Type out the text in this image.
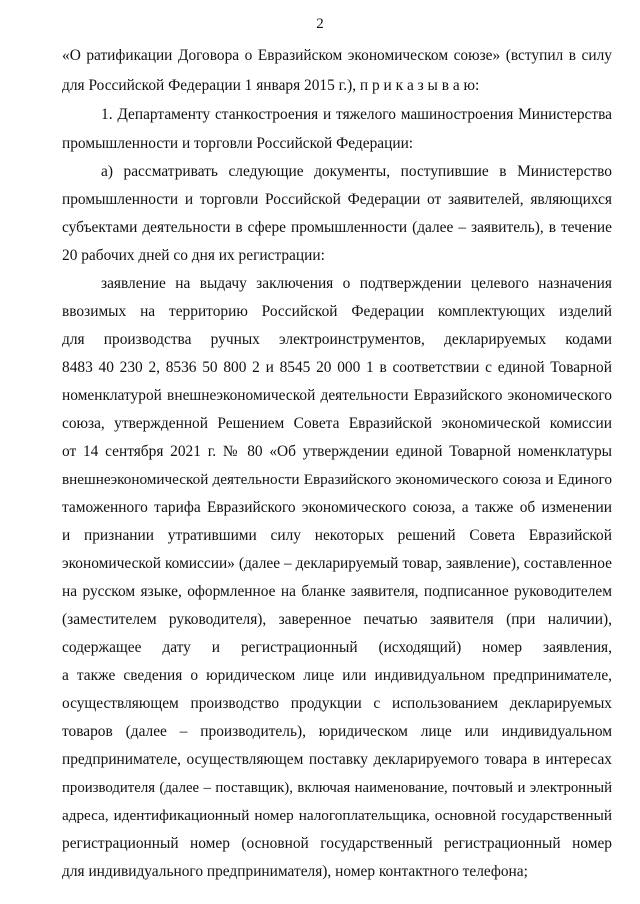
2
«О ратификации Договора о Евразийском экономическом союзе» (вступил в силу
для Российской Федерации 1 января 2015 г.), п р и к а з ы в а ю:
1. Департаменту станкостроения и тяжелого машиностроения Министерства
промышленности и торговли Российской Федерации:
а) рассматривать следующие документы, поступившие в Министерство
промышленности и торговли Российской Федерации от заявителей, являющихся
субъектами деятельности в сфере промышленности (далее – заявитель), в течение
20 рабочих дней со дня их регистрации:
заявление на выдачу заключения о подтверждении целевого назначения
ввозимых на территорию Российской Федерации комплектующих изделий
для производства ручных электроинструментов, декларируемых кодами
8483 40 230 2, 8536 50 800 2 и 8545 20 000 1 в соответствии с единой Товарной
номенклатурой внешнеэкономической деятельности Евразийского экономического
союза, утвержденной Решением Совета Евразийской экономической комиссии
от 14 сентября 2021 г. № 80 «Об утверждении единой Товарной номенклатуры
внешнеэкономической деятельности Евразийского экономического союза и Единого
таможенного тарифа Евразийского экономического союза, а также об изменении
и признании утратившими силу некоторых решений Совета Евразийской
экономической комиссии» (далее – декларируемый товар, заявление), составленное
на русском языке, оформленное на бланке заявителя, подписанное руководителем
(заместителем руководителя), заверенное печатью заявителя (при наличии),
содержащее дату и регистрационный (исходящий) номер заявления,
а также сведения о юридическом лице или индивидуальном предпринимателе,
осуществляющем производство продукции с использованием декларируемых
товаров (далее – производитель), юридическом лице или индивидуальном
предпринимателе, осуществляющем поставку декларируемого товара в интересах
производителя (далее – поставщик), включая наименование, почтовый и электронный
адреса, идентификационный номер налогоплательщика, основной государственный
регистрационный номер (основной государственный регистрационный номер
для индивидуального предпринимателя), номер контактного телефона;
